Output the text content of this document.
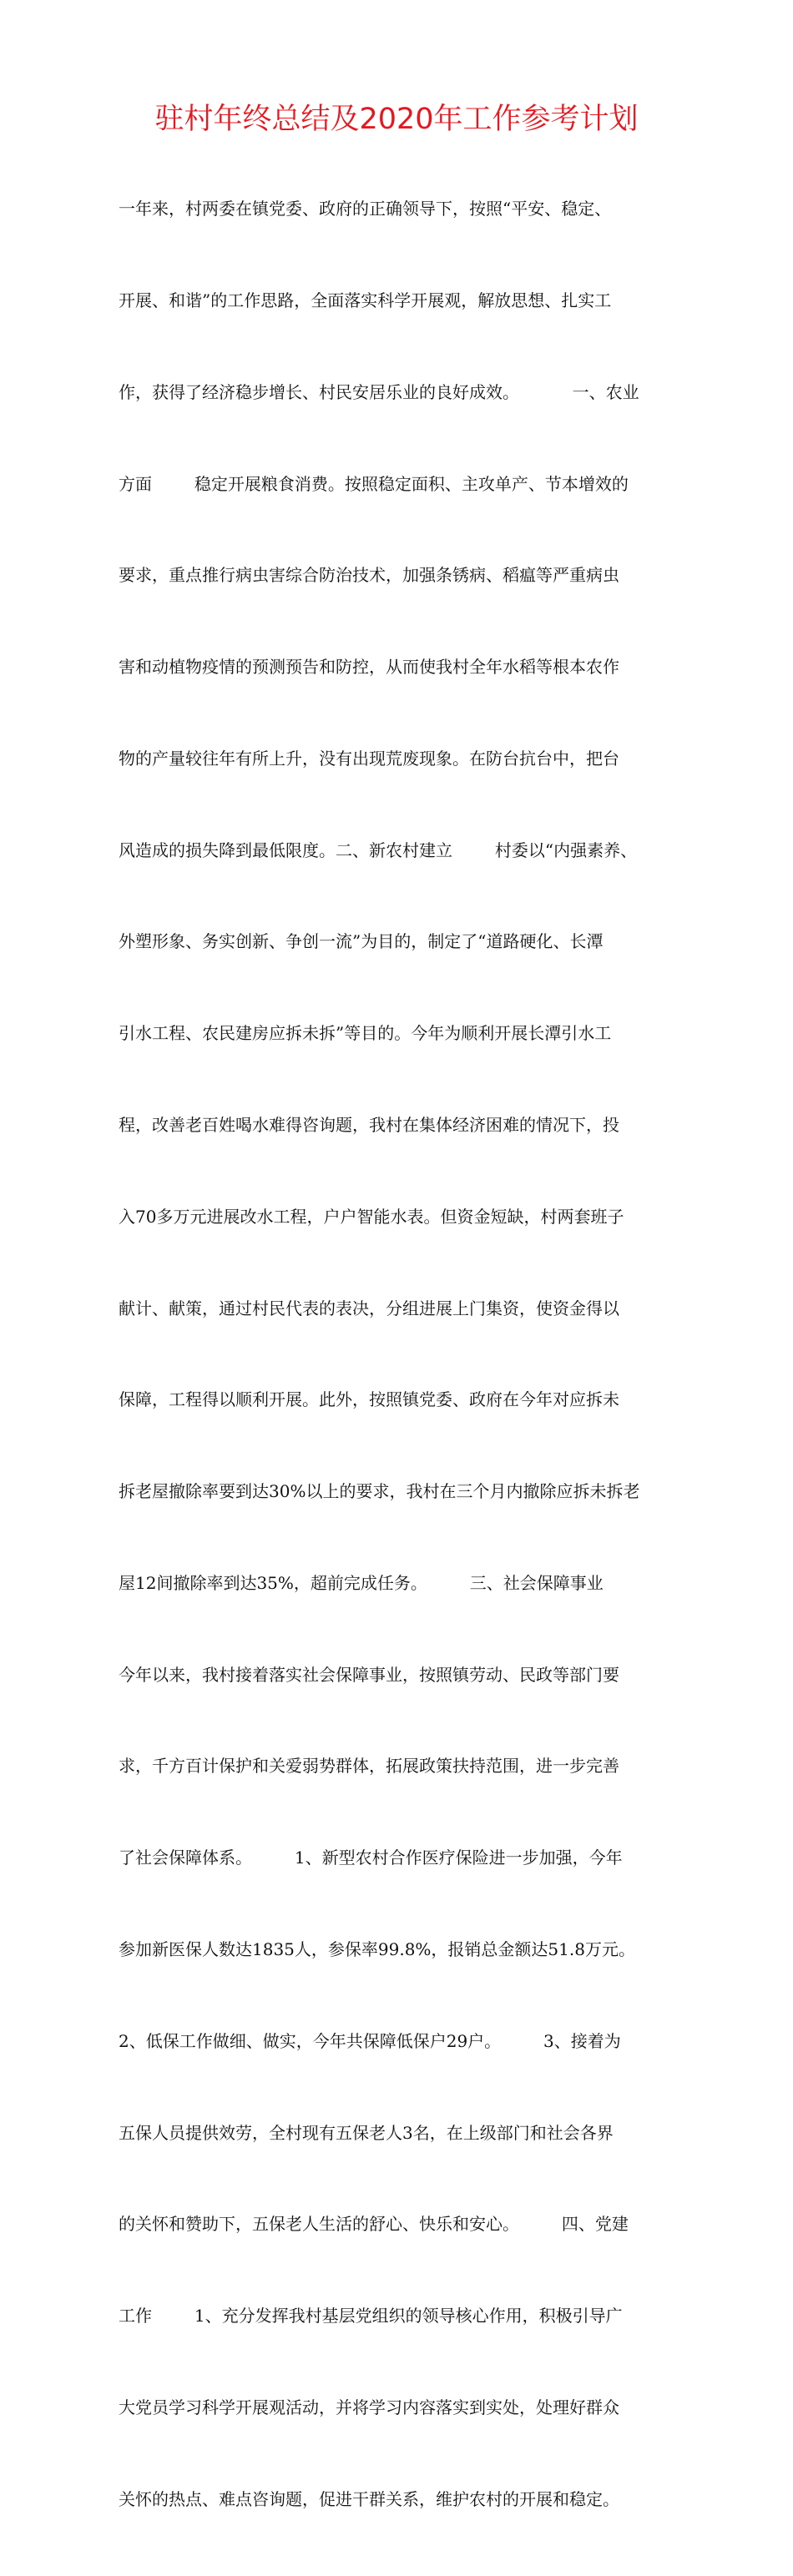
驻村年终总结及2020年工作参考计划

一年来，村两委在镇党委、政府的正确领导下，按照“平安、稳定、

开展、和谐”的工作思路，全面落实科学开展观，解放思想、扎实工

作，获得了经济稳步增长、村民安居乐业的良好成效。          一、农业

方面        稳定开展粮食消费。按照稳定面积、主攻单产、节本增效的

要求，重点推行病虫害综合防治技术，加强条锈病、稻瘟等严重病虫

害和动植物疫情的预测预告和防控，从而使我村全年水稻等根本农作

物的产量较往年有所上升，没有出现荒废现象。在防台抗台中，把台

风造成的损失降到最低限度。二、新农村建立        村委以“内强素养、

外塑形象、务实创新、争创一流”为目的，制定了“道路硬化、长潭

引水工程、农民建房应拆未拆”等目的。今年为顺利开展长潭引水工

程，改善老百姓喝水难得咨询题，我村在集体经济困难的情况下，投

入70多万元进展改水工程，户户智能水表。但资金短缺，村两套班子

献计、献策，通过村民代表的表决，分组进展上门集资，使资金得以

保障，工程得以顺利开展。此外，按照镇党委、政府在今年对应拆未

拆老屋撤除率要到达30%以上的要求，我村在三个月内撤除应拆未拆老

屋12间撤除率到达35%，超前完成任务。        三、社会保障事业

今年以来，我村接着落实社会保障事业，按照镇劳动、民政等部门要

求，千方百计保护和关爱弱势群体，拓展政策扶持范围，进一步完善

了社会保障体系。        1、新型农村合作医疗保险进一步加强，今年

参加新医保人数达1835人，参保率99.8%，报销总金额达51.8万元。

2、低保工作做细、做实，今年共保障低保户29户。        3、接着为

五保人员提供效劳，全村现有五保老人3名，在上级部门和社会各界

的关怀和赞助下，五保老人生活的舒心、快乐和安心。        四、党建

工作        1、充分发挥我村基层党组织的领导核心作用，积极引导广

大党员学习科学开展观活动，并将学习内容落实到实处，处理好群众

关怀的热点、难点咨询题，促进干群关系，维护农村的开展和稳定。
